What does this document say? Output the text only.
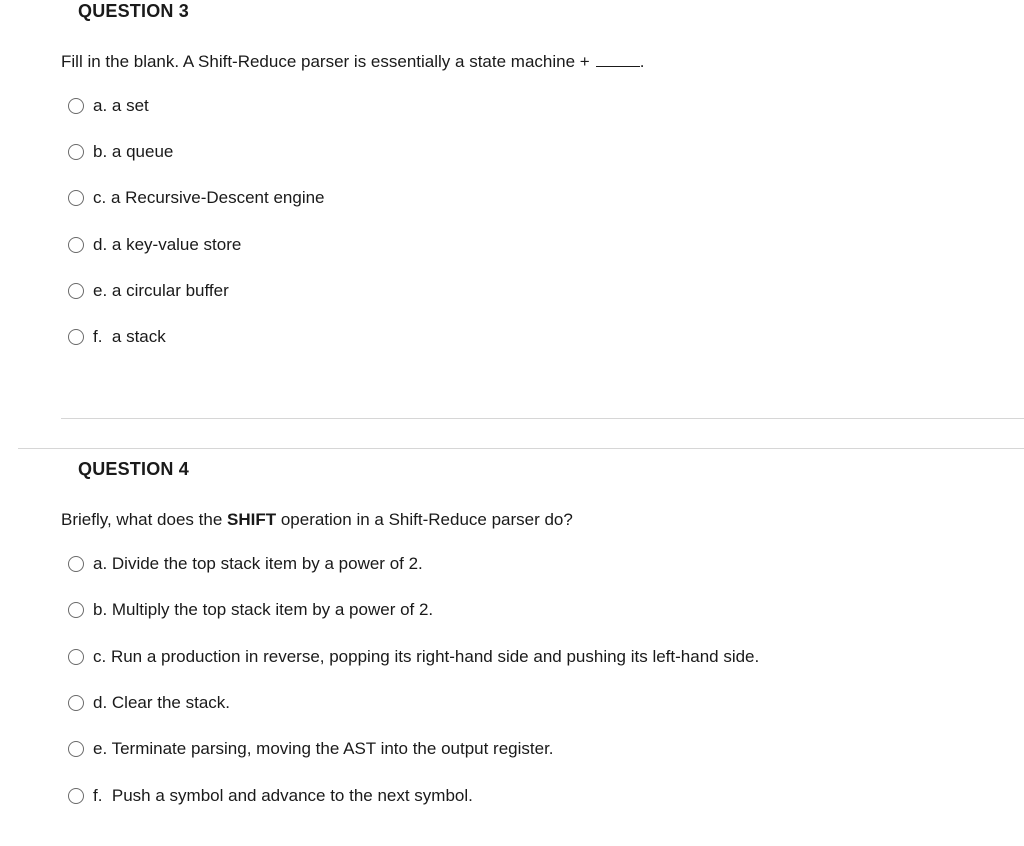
QUESTION 3
Fill in the blank. A Shift-Reduce parser is essentially a state machine +	.
a. a set
b. a queue
c. a Recursive-Descent engine
d. a key-value store
e. a circular buffer
f.  a stack
QUESTION 4
Briefly, what does the SHIFT operation in a Shift-Reduce parser do?
a. Divide the top stack item by a power of 2.
b. Multiply the top stack item by a power of 2.
c. Run a production in reverse, popping its right-hand side and pushing its left-hand side.
d. Clear the stack.
e. Terminate parsing, moving the AST into the output register.
f.  Push a symbol and advance to the next symbol.
